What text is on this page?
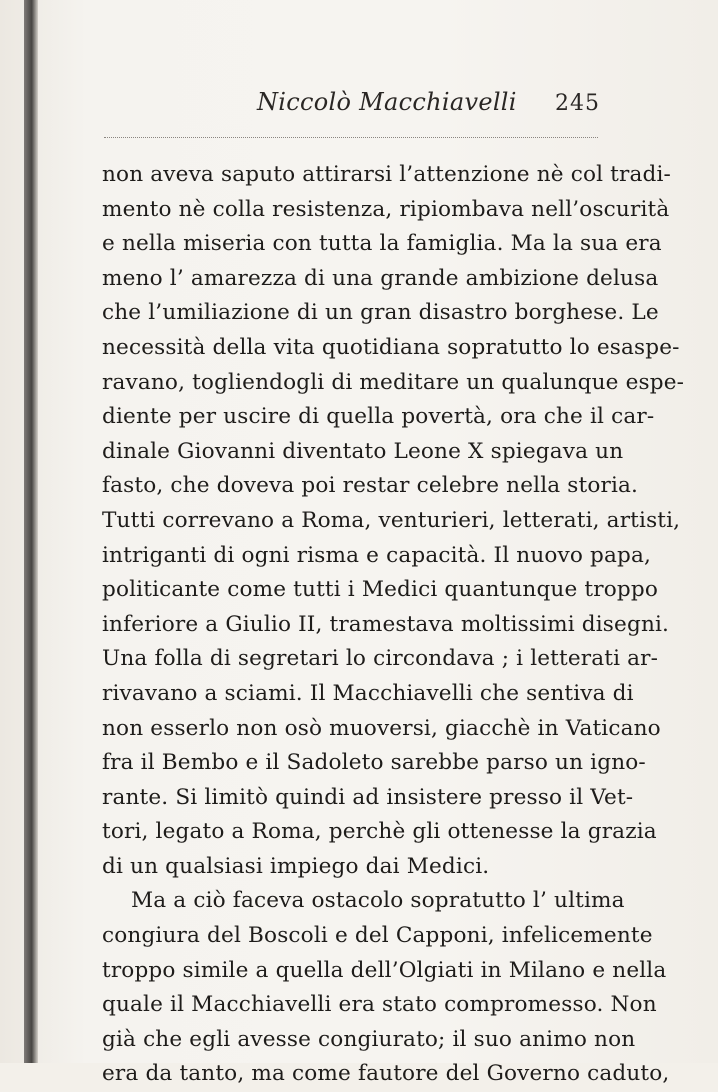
Niccolò Macchiavelli 245
non aveva saputo attirarsi l’attenzione nè col tradi-
mento nè colla resistenza, ripiombava nell’oscurità
e nella miseria con tutta la famiglia. Ma la sua era
meno l’ amarezza di una grande ambizione delusa
che l’umiliazione di un gran disastro borghese. Le
necessità della vita quotidiana sopratutto lo esaspe-
ravano, togliendogli di meditare un qualunque espe-
diente per uscire di quella povertà, ora che il car-
dinale Giovanni diventato Leone X spiegava un
fasto, che doveva poi restar celebre nella storia.
Tutti correvano a Roma, venturieri, letterati, artisti,
intriganti di ogni risma e capacità. Il nuovo papa,
politicante come tutti i Medici quantunque troppo
inferiore a Giulio II, tramestava moltissimi disegni.
Una folla di segretari lo circondava ; i letterati ar-
rivavano a sciami. Il Macchiavelli che sentiva di
non esserlo non osò muoversi, giacchè in Vaticano
fra il Bembo e il Sadoleto sarebbe parso un igno-
rante. Si limitò quindi ad insistere presso il Vet-
tori, legato a Roma, perchè gli ottenesse la grazia
di un qualsiasi impiego dai Medici.
Ma a ciò faceva ostacolo sopratutto l’ ultima
congiura del Boscoli e del Capponi, infelicemente
troppo simile a quella dell’Olgiati in Milano e nella
quale il Macchiavelli era stato compromesso. Non
già che egli avesse congiurato; il suo animo non
era da tanto, ma come fautore del Governo caduto,
